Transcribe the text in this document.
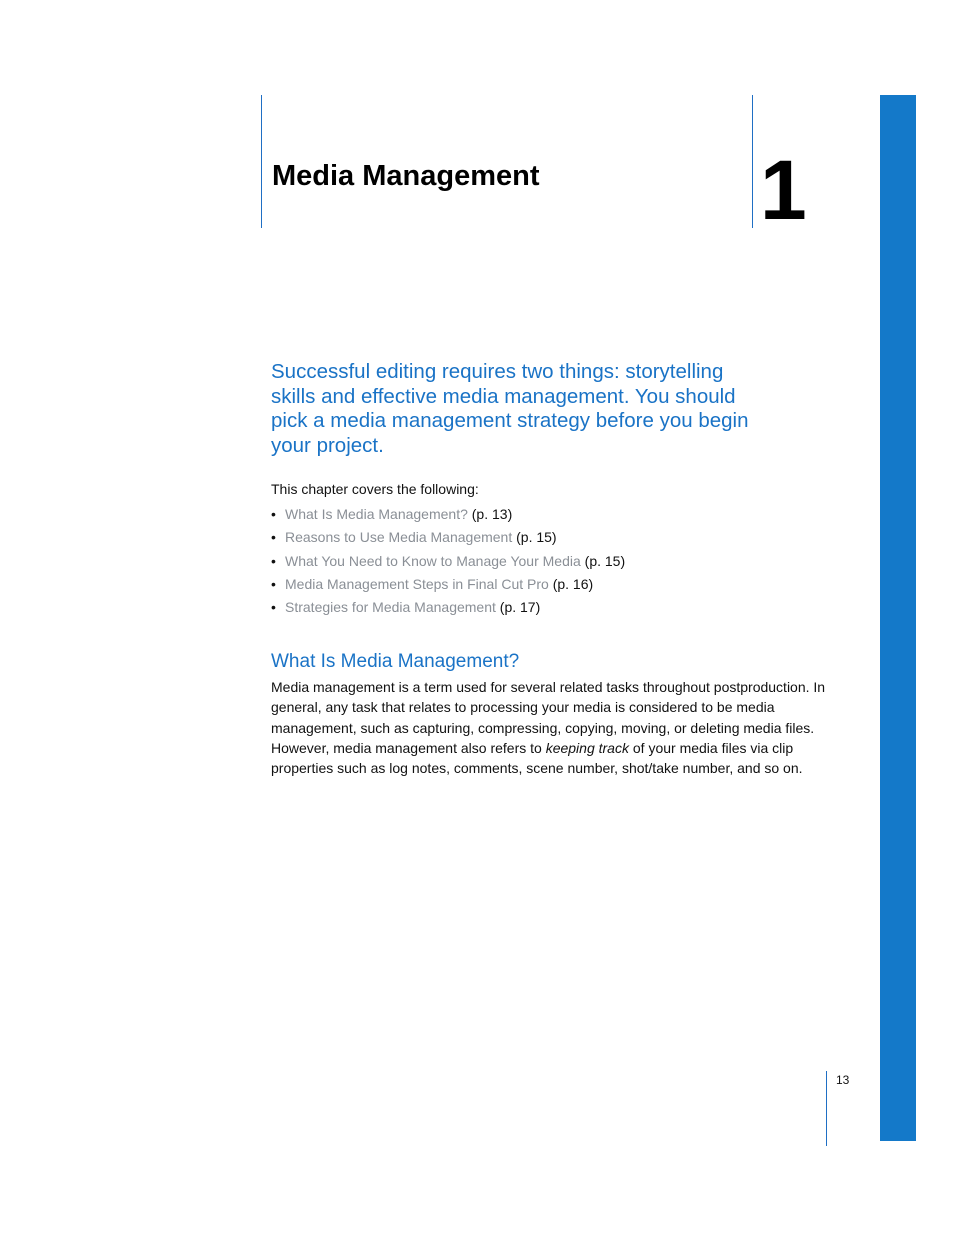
Media Management	1
Successful editing requires two things: storytelling skills and effective media management. You should pick a media management strategy before you begin your project.
This chapter covers the following:
• What Is Media Management? (p. 13)
• Reasons to Use Media Management (p. 15)
• What You Need to Know to Manage Your Media (p. 15)
• Media Management Steps in Final Cut Pro (p. 16)
• Strategies for Media Management (p. 17)
What Is Media Management?
Media management is a term used for several related tasks throughout postproduction. In general, any task that relates to processing your media is considered to be media management, such as capturing, compressing, copying, moving, or deleting media files. However, media management also refers to keeping track of your media files via clip properties such as log notes, comments, scene number, shot/take number, and so on.
13
